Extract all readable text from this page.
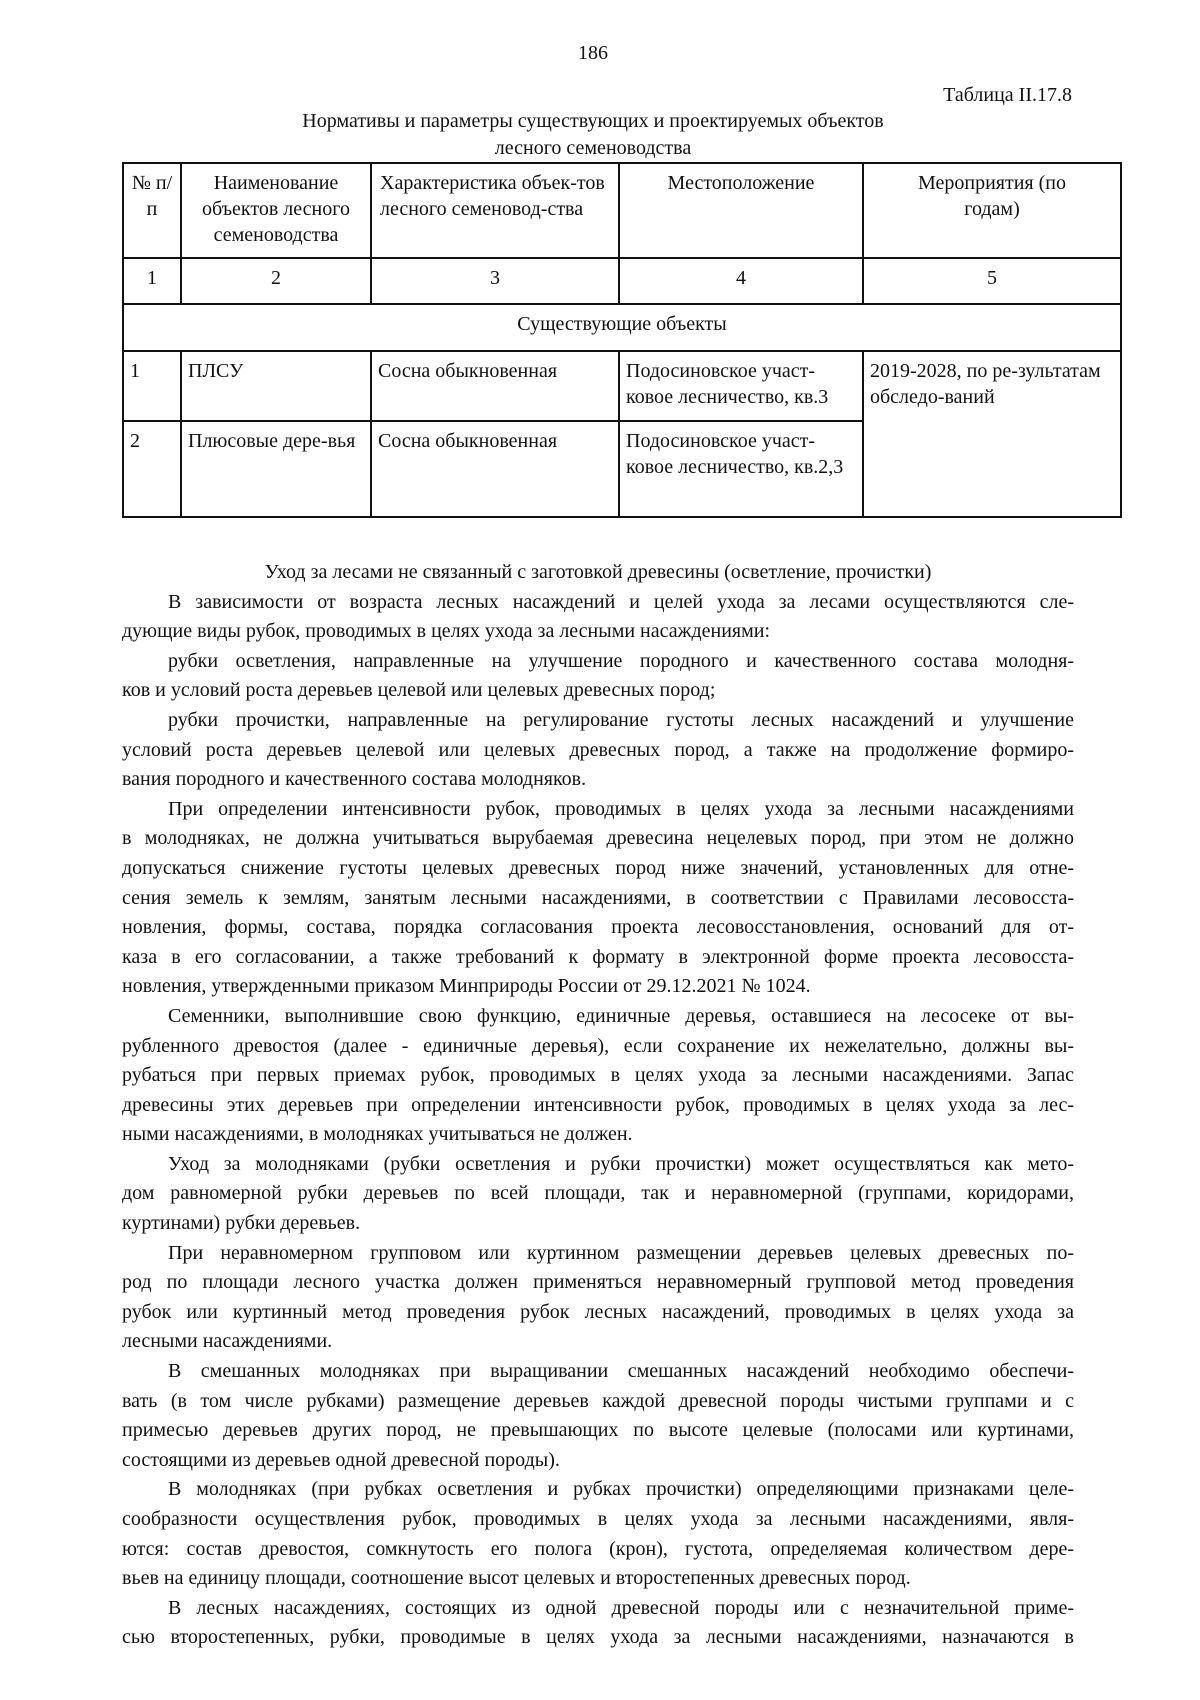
186
Таблица II.17.8
Нормативы и параметры существующих и проектируемых объектов
лесного семеноводства
№ п/п	Наименование объектов лесного семеноводства	Характеристика объек-тов лесного семеновод-ства	Местоположение	Мероприятия (по годам)
1	2	3	4	5
Существующие объекты				
1	ПЛСУ	Сосна обыкновенная	Подосиновское участ-ковое лесничество, кв.3	2019-2028, по ре-зультатам обследо-ваний
2	Плюсовые дере-вья	Сосна обыкновенная	Подосиновское участ-ковое лесничество, кв.2,3	
Уход за лесами не связанный с заготовкой древесины (осветление, прочистки)
В зависимости от возраста лесных насаждений и целей ухода за лесами осуществляются сле-
дующие виды рубок, проводимых в целях ухода за лесными насаждениями:
рубки осветления, направленные на улучшение породного и качественного состава молодня-
ков и условий роста деревьев целевой или целевых древесных пород;
рубки прочистки, направленные на регулирование густоты лесных насаждений и улучшение
условий роста деревьев целевой или целевых древесных пород, а также на продолжение формиро-
вания породного и качественного состава молодняков.
При определении интенсивности рубок, проводимых в целях ухода за лесными насаждениями
в молодняках, не должна учитываться вырубаемая древесина нецелевых пород, при этом не должно
допускаться снижение густоты целевых древесных пород ниже значений, установленных для отне-
сения земель к землям, занятым лесными насаждениями, в соответствии с Правилами лесовосста-
новления, формы, состава, порядка согласования проекта лесовосстановления, оснований для от-
каза в его согласовании, а также требований к формату в электронной форме проекта лесовосста-
новления, утвержденными приказом Минприроды России от 29.12.2021 № 1024.
Семенники, выполнившие свою функцию, единичные деревья, оставшиеся на лесосеке от вы-
рубленного древостоя (далее - единичные деревья), если сохранение их нежелательно, должны вы-
рубаться при первых приемах рубок, проводимых в целях ухода за лесными насаждениями. Запас
древесины этих деревьев при определении интенсивности рубок, проводимых в целях ухода за лес-
ными насаждениями, в молодняках учитываться не должен.
Уход за молодняками (рубки осветления и рубки прочистки) может осуществляться как мето-
дом равномерной рубки деревьев по всей площади, так и неравномерной (группами, коридорами,
куртинами) рубки деревьев.
При неравномерном групповом или куртинном размещении деревьев целевых древесных по-
род по площади лесного участка должен применяться неравномерный групповой метод проведения
рубок или куртинный метод проведения рубок лесных насаждений, проводимых в целях ухода за
лесными насаждениями.
В смешанных молодняках при выращивании смешанных насаждений необходимо обеспечи-
вать (в том числе рубками) размещение деревьев каждой древесной породы чистыми группами и с
примесью деревьев других пород, не превышающих по высоте целевые (полосами или куртинами,
состоящими из деревьев одной древесной породы).
В молодняках (при рубках осветления и рубках прочистки) определяющими признаками целе-
сообразности осуществления рубок, проводимых в целях ухода за лесными насаждениями, явля-
ются: состав древостоя, сомкнутость его полога (крон), густота, определяемая количеством дере-
вьев на единицу площади, соотношение высот целевых и второстепенных древесных пород.
В лесных насаждениях, состоящих из одной древесной породы или с незначительной приме-
сью второстепенных, рубки, проводимые в целях ухода за лесными насаждениями, назначаются в
